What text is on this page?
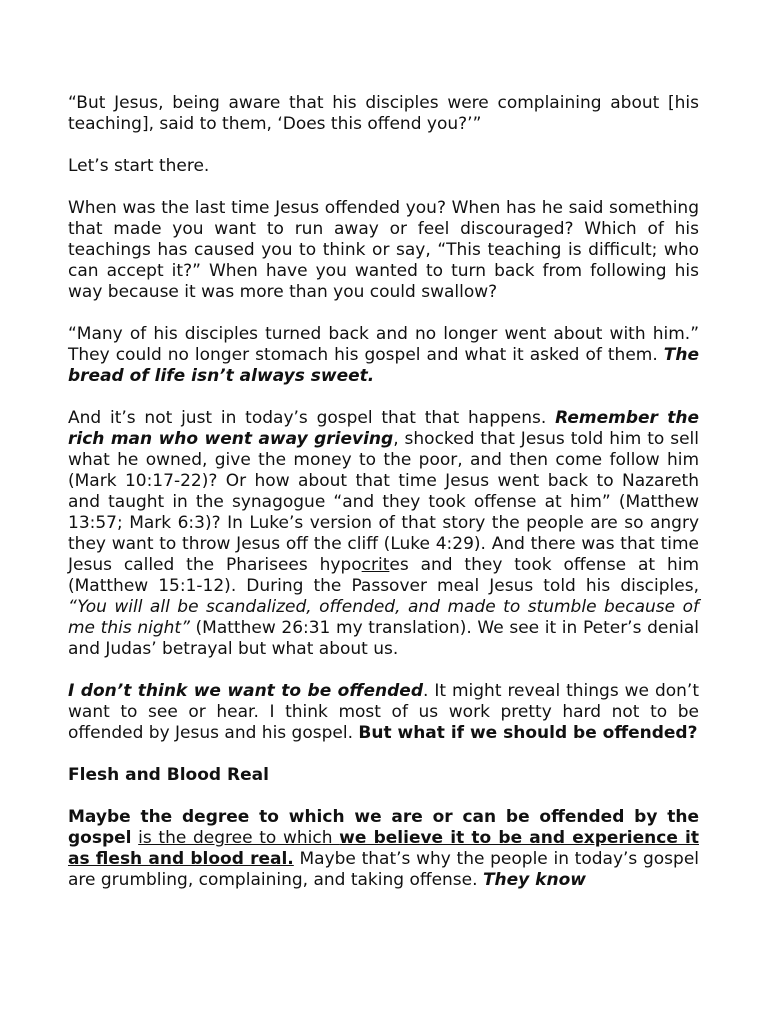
“But Jesus, being aware that his disciples were complaining about [his teaching], said to them, ‘Does this offend you?’”

Let’s start there.

When was the last time Jesus offended you? When has he said something that made you want to run away or feel discouraged? Which of his teachings has caused you to think or say, “This teaching is difficult; who can accept it?” When have you wanted to turn back from following his way because it was more than you could swallow?

“Many of his disciples turned back and no longer went about with him.” They could no longer stomach his gospel and what it asked of them. The bread of life isn’t always sweet.

And it’s not just in today’s gospel that that happens. Remember the rich man who went away grieving, shocked that Jesus told him to sell what he owned, give the money to the poor, and then come follow him (Mark 10:17-22)? Or how about that time Jesus went back to Nazareth and taught in the synagogue “and they took offense at him” (Matthew 13:57; Mark 6:3)? In Luke’s version of that story the people are so angry they want to throw Jesus off the cliff (Luke 4:29). And there was that time Jesus called the Pharisees hypocrites and they took offense at him (Matthew 15:1-12). During the Passover meal Jesus told his disciples, “You will all be scandalized, offended, and made to stumble because of me this night” (Matthew 26:31 my translation). We see it in Peter’s denial and Judas’ betrayal but what about us.

I don’t think we want to be offended. It might reveal things we don’t want to see or hear. I think most of us work pretty hard not to be offended by Jesus and his gospel. But what if we should be offended?

Flesh and Blood Real

Maybe the degree to which we are or can be offended by the gospel is the degree to which we believe it to be and experience it as flesh and blood real. Maybe that’s why the people in today’s gospel are grumbling, complaining, and taking offense. They know
